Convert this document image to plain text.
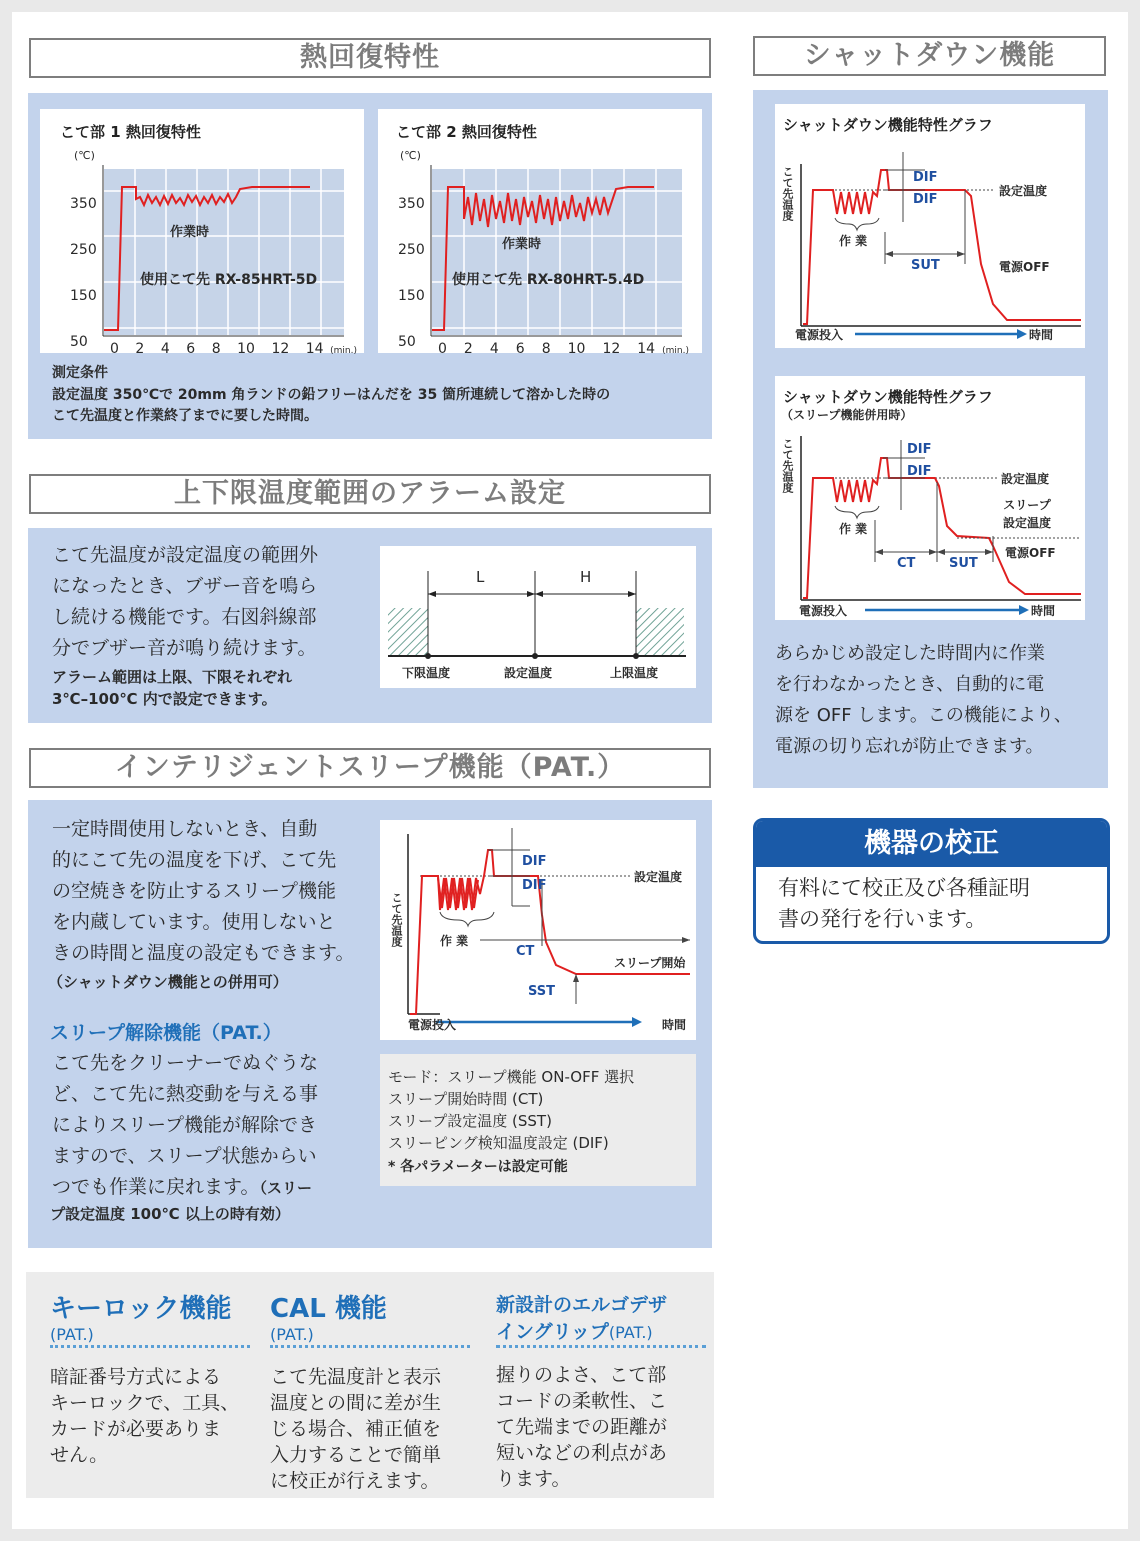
熱回復特性
こて部 1 熱回復特性
(℃)
350
250
150
50	0 2 4 6 8 10 12 14 (min.)
作業時
使用こて先 RX-85HRT-5D
こて部 2 熱回復特性
(℃)
350
250
150
50	0 2 4 6 8 10 12 14 (min.)
作業時
使用こて先 RX-80HRT-5.4D
測定条件
設定温度 350℃で 20mm 角ランドの鉛フリーはんだを 35 箇所連続して溶かした時の
こて先温度と作業終了までに要した時間。
上下限温度範囲のアラーム設定
こて先温度が設定温度の範囲外
になったとき、ブザー音を鳴ら
し続ける機能です。右図斜線部
分でブザー音が鳴り続けます。
アラーム範囲は上限、下限それぞれ
3℃–100℃ 内で設定できます。
L	H
下限温度	設定温度	上限温度
インテリジェントスリープ機能（PAT.）
一定時間使用しないとき、自動
的にこて先の温度を下げ、こて先
の空焼きを防止するスリープ機能
を内蔵しています。使用しないと
きの時間と温度の設定もできます。
（シャットダウン機能との併用可）
スリープ解除機能（PAT.）
こて先をクリーナーでぬぐうな
ど、こて先に熱変動を与える事
によりスリープ機能が解除でき
ますので、スリープ状態からい
つでも作業に戻れます。（スリー
プ設定温度 100℃ 以上の時有効）
こて先温度
DIF
DIF
設定温度
作 業
CT
スリープ開始
SST
電源投入	時間
モード：スリープ機能 ON-OFF 選択
スリープ開始時間 (CT)
スリープ設定温度 (SST)
スリーピング検知温度設定 (DIF)
* 各パラメーターは設定可能
キーロック機能
(PAT.)
暗証番号方式による
キーロックで、工具、
カードが必要ありま
せん。
CAL 機能
(PAT.)
こて先温度計と表示
温度との間に差が生
じる場合、補正値を
入力することで簡単
に校正が行えます。
新設計のエルゴデザ
イングリップ(PAT.)
握りのよさ、こて部
コードの柔軟性、こ
て先端までの距離が
短いなどの利点があ
ります。
シャットダウン機能
シャットダウン機能特性グラフ
こて先温度	DIF
DIF
設定温度
作 業
SUT	電源OFF
電源投入	時間
シャットダウン機能特性グラフ
（スリープ機能併用時）
こて先温度	DIF
DIF	設定温度
スリープ
設定温度
電源OFF
作 業
CT	SUT
電源投入	時間
あらかじめ設定した時間内に作業
を行わなかったとき、自動的に電
源を OFF します。この機能により、
電源の切り忘れが防止できます。
機器の校正
有料にて校正及び各種証明
書の発行を行います。
